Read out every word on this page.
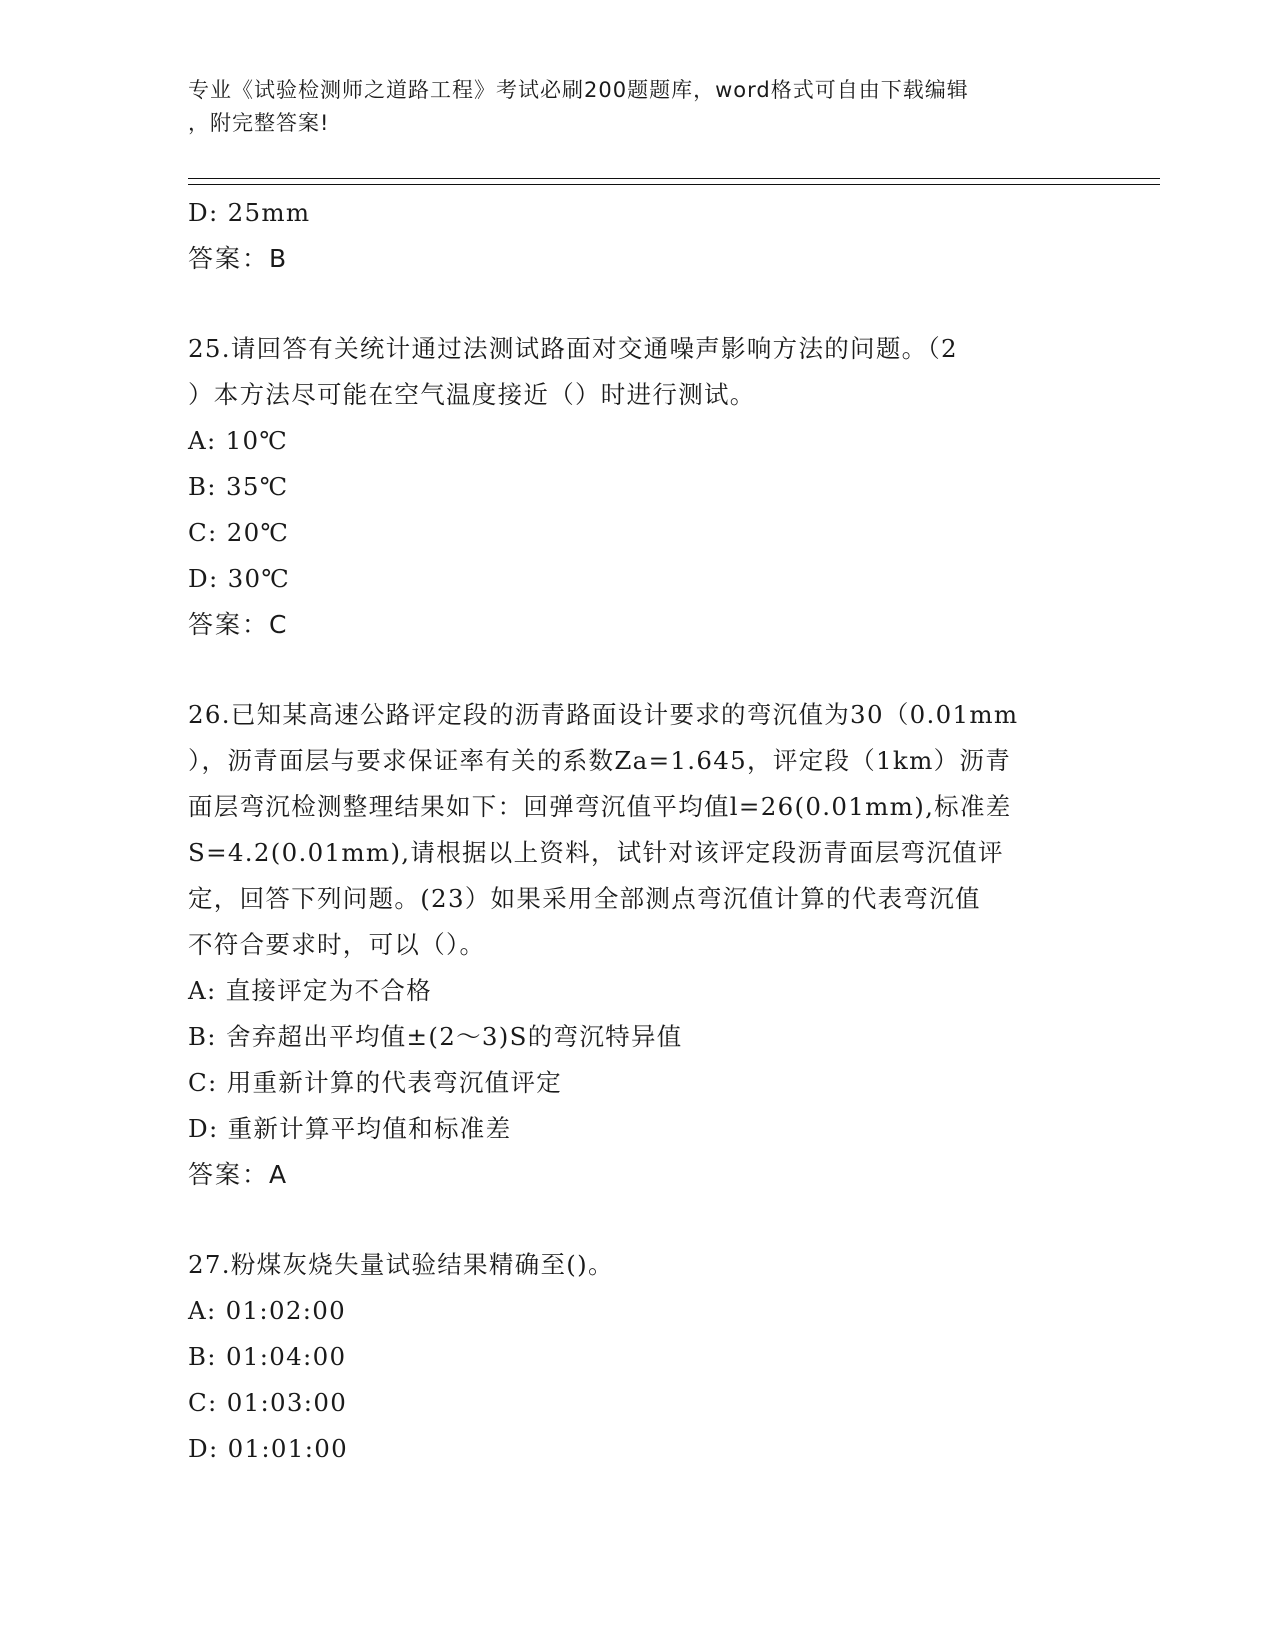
专业《试验检测师之道路工程》考试必刷200题题库，word格式可自由下载编辑
，附完整答案!
D: 25mm
答案：B
25.请回答有关统计通过法测试路面对交通噪声影响方法的问题。（2
）本方法尽可能在空气温度接近（）时进行测试。
A: 10℃
B: 35℃
C: 20℃
D: 30℃
答案：C
26.已知某高速公路评定段的沥青路面设计要求的弯沉值为30（0.01mm
），沥青面层与要求保证率有关的系数Za=1.645，评定段（1km）沥青
面层弯沉检测整理结果如下：回弹弯沉值平均值l=26(0.01mm),标准差
S=4.2(0.01mm),请根据以上资料，试针对该评定段沥青面层弯沉值评
定，回答下列问题。(23）如果采用全部测点弯沉值计算的代表弯沉值
不符合要求时，可以（）。
A: 直接评定为不合格
B: 舍弃超出平均值±(2～3)S的弯沉特异值
C: 用重新计算的代表弯沉值评定
D: 重新计算平均值和标准差
答案：A
27.粉煤灰烧失量试验结果精确至()。
A: 01:02:00
B: 01:04:00
C: 01:03:00
D: 01:01:00
